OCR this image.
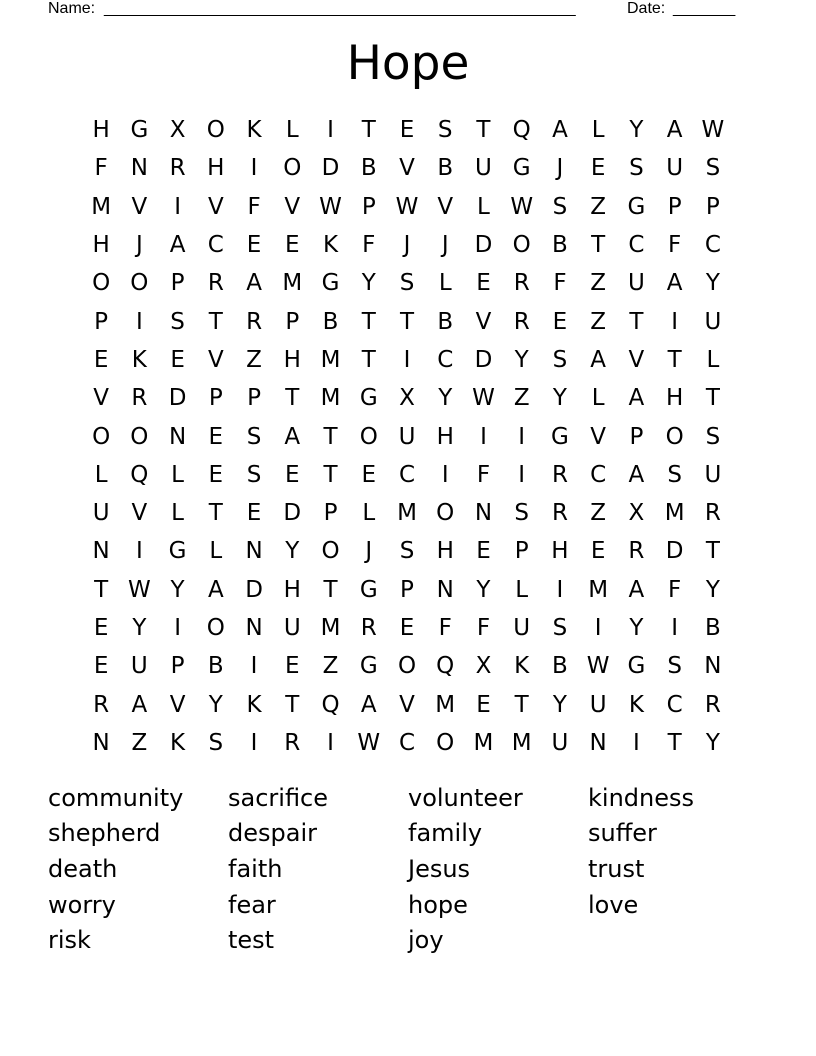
Name: _____________________________________________________	Date: _______
Hope
H G X O K	L	I	T	E	S	T Q A	L	Y	A W
F	N R H	I	O D B V B U G	J	E	S U S
M V	I	V	F	V W P W V	L W S	Z G P	P
H	J	A C E	E	K	F	J	J	D O B	T	C	F	C
O O P	R A M G Y	S	L	E R	F	Z U A	Y
P	I	S	T	R	P	B	T	T	B V R E	Z	T	I	U
E	K	E	V Z H M T	I	C D Y	S	A V	T	L
V R D P	P	T M G X	Y W Z	Y	L	A H T
O O N E	S	A	T O U H	I	I	G V	P O S
L Q L	E	S	E	T	E C	I	F	I	R C A	S U
U V	L	T	E D P	L M O N S R Z X M R
N	I	G L	N Y O	J	S H E	P H E R D T
T W Y	A D H T G P N Y	L	I	M A	F	Y
E	Y	I	O N U M R E	F	F	U S	I	Y	I	B
E U P	B	I	E	Z G O Q X K B W G S N
R A V	Y	K	T Q A V M E	T	Y U K C R
N Z K	S	I	R	I	W C O M M U N	I	T	Y
community	sacrifice	volunteer	kindness
shepherd	despair	family	suffer
death	faith	Jesus	trust
worry	fear	hope	love
risk	test	joy
